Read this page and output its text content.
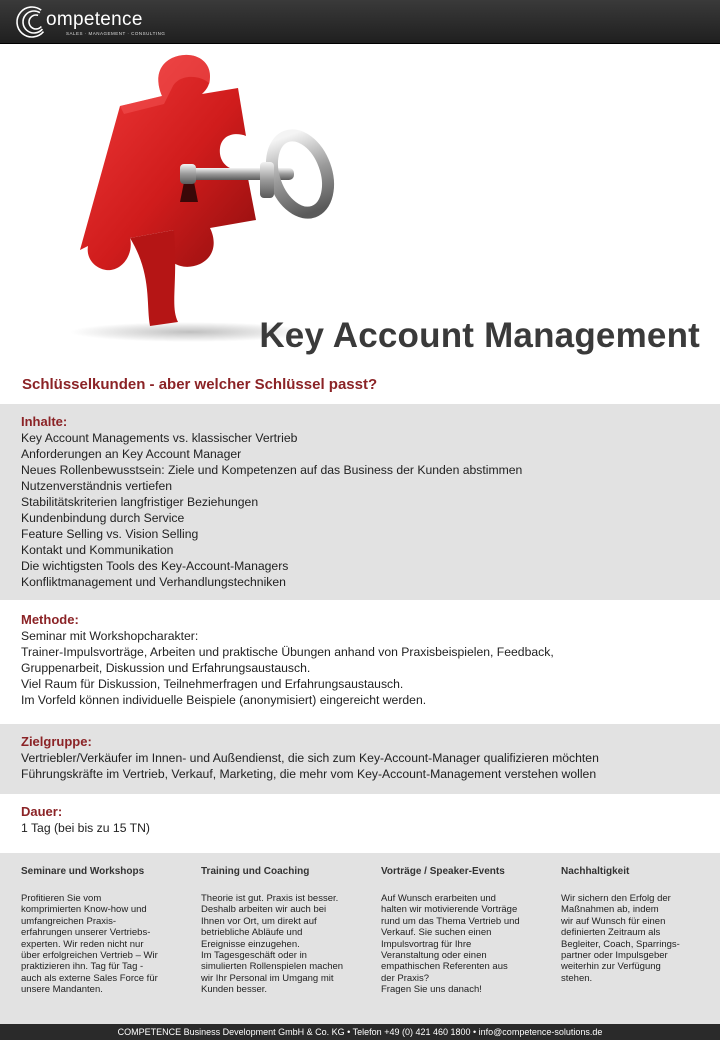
ompetence
SALES · MANAGEMENT · CONSULTING
Key Account Management
Schlüsselkunden - aber welcher Schlüssel passt?
Inhalte:
Key Account Managements vs. klassischer Vertrieb
Anforderungen an Key Account Manager
Neues Rollenbewusstsein: Ziele und Kompetenzen auf das Business der Kunden abstimmen
Nutzenverständnis vertiefen
Stabilitätskriterien langfristiger Beziehungen
Kundenbindung durch Service
Feature Selling vs. Vision Selling
Kontakt und Kommunikation
Die wichtigsten Tools des Key-Account-Managers
Konfliktmanagement und Verhandlungstechniken
Methode:
Seminar mit Workshopcharakter:
Trainer-Impulsvorträge, Arbeiten und praktische Übungen anhand von Praxisbeispielen, Feedback,
Gruppenarbeit, Diskussion und Erfahrungsaustausch.
Viel Raum für Diskussion, Teilnehmerfragen und Erfahrungsaustausch.
Im Vorfeld können individuelle Beispiele (anonymisiert) eingereicht werden.
Zielgruppe:
Vertriebler/Verkäufer im Innen- und Außendienst, die sich zum Key-Account-Manager qualifizieren möchten
Führungskräfte im Vertrieb, Verkauf, Marketing, die mehr vom Key-Account-Management verstehen wollen
Dauer:
1 Tag (bei bis zu 15 TN)
Seminare und Workshops
Profitieren Sie vom
komprimierten Know-how und
umfangreichen Praxis-
erfahrungen unserer Vertriebs-
experten. Wir reden nicht nur
über erfolgreichen Vertrieb – Wir
praktizieren ihn. Tag für Tag -
auch als externe Sales Force für
unsere Mandanten.
Training und Coaching
Theorie ist gut. Praxis ist besser.
Deshalb arbeiten wir auch bei
Ihnen vor Ort, um direkt auf
betriebliche Abläufe und
Ereignisse einzugehen.
Im Tagesgeschäft oder in
simulierten Rollenspielen machen
wir Ihr Personal im Umgang mit
Kunden besser.
Vorträge / Speaker-Events
Auf Wunsch erarbeiten und
halten wir motivierende Vorträge
rund um das Thema Vertrieb und
Verkauf. Sie suchen einen
Impulsvortrag für Ihre
Veranstaltung oder einen
empathischen Referenten aus
der Praxis?
Fragen Sie uns danach!
Nachhaltigkeit
Wir sichern den Erfolg der
Maßnahmen ab, indem
wir auf Wunsch für einen
definierten Zeitraum als
Begleiter, Coach, Sparrings-
partner oder Impulsgeber
weiterhin zur Verfügung
stehen.
COMPETENCE Business Development GmbH & Co. KG • Telefon +49 (0) 421 460 1800 • info@competence-solutions.de
